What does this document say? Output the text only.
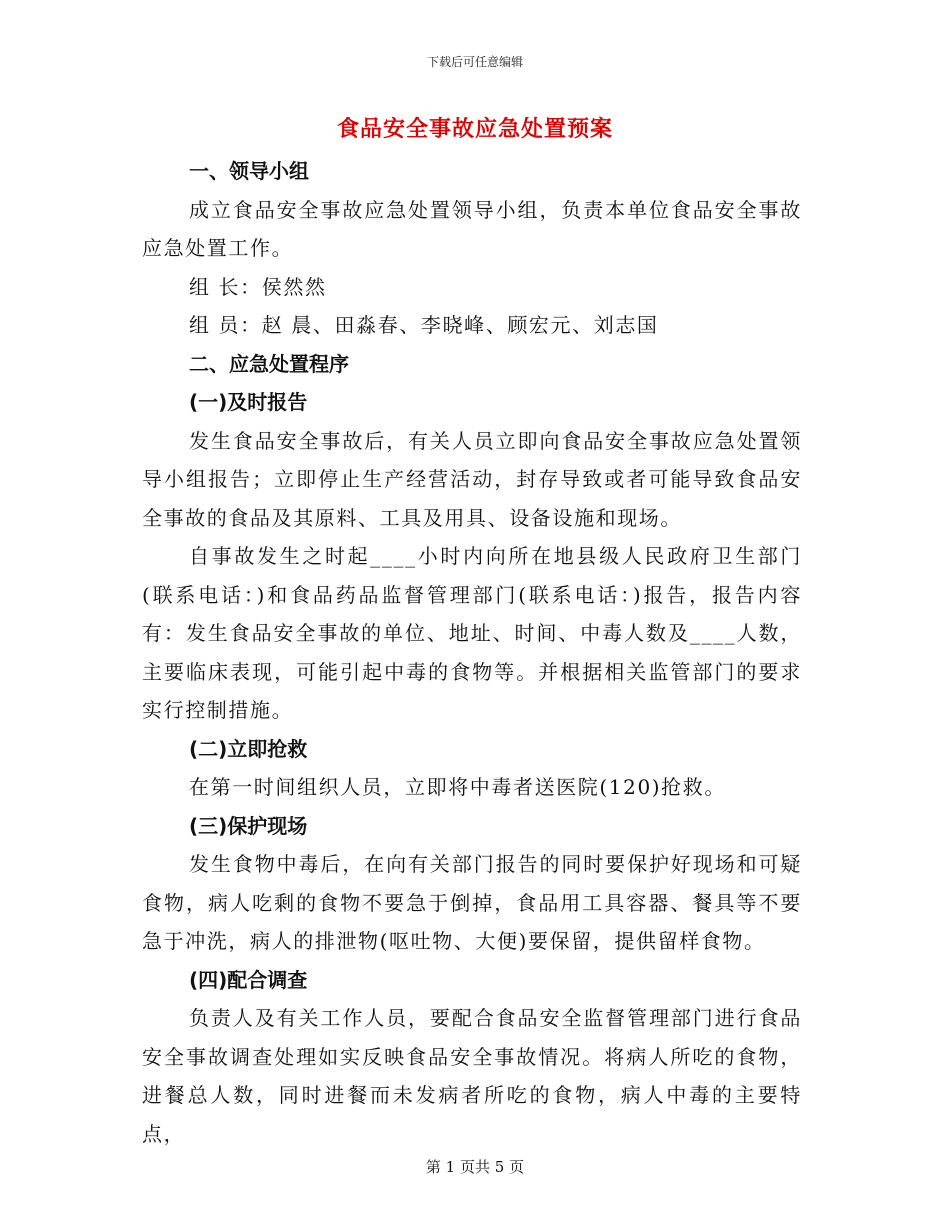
下载后可任意编辑
食品安全事故应急处置预案

一、领导小组

成立食品安全事故应急处置领导小组，负责本单位食品安全事故应急处置工作。

组 长：侯然然

组 员：赵 晨、田淼春、李晓峰、顾宏元、刘志国

二、应急处置程序

(一)及时报告

发生食品安全事故后，有关人员立即向食品安全事故应急处置领导小组报告；立即停止生产经营活动，封存导致或者可能导致食品安全事故的食品及其原料、工具及用具、设备设施和现场。

自事故发生之时起____小时内向所在地县级人民政府卫生部门(联系电话：)和食品药品监督管理部门(联系电话：)报告，报告内容有：发生食品安全事故的单位、地址、时间、中毒人数及____人数，主要临床表现，可能引起中毒的食物等。并根据相关监管部门的要求实行控制措施。

(二)立即抢救

在第一时间组织人员，立即将中毒者送医院(120)抢救。

(三)保护现场

发生食物中毒后，在向有关部门报告的同时要保护好现场和可疑食物，病人吃剩的食物不要急于倒掉，食品用工具容器、餐具等不要急于冲洗，病人的排泄物(呕吐物、大便)要保留，提供留样食物。

(四)配合调查

负责人及有关工作人员，要配合食品安全监督管理部门进行食品安全事故调查处理如实反映食品安全事故情况。将病人所吃的食物，进餐总人数，同时进餐而未发病者所吃的食物，病人中毒的主要特点，

第 1 页共 5 页
